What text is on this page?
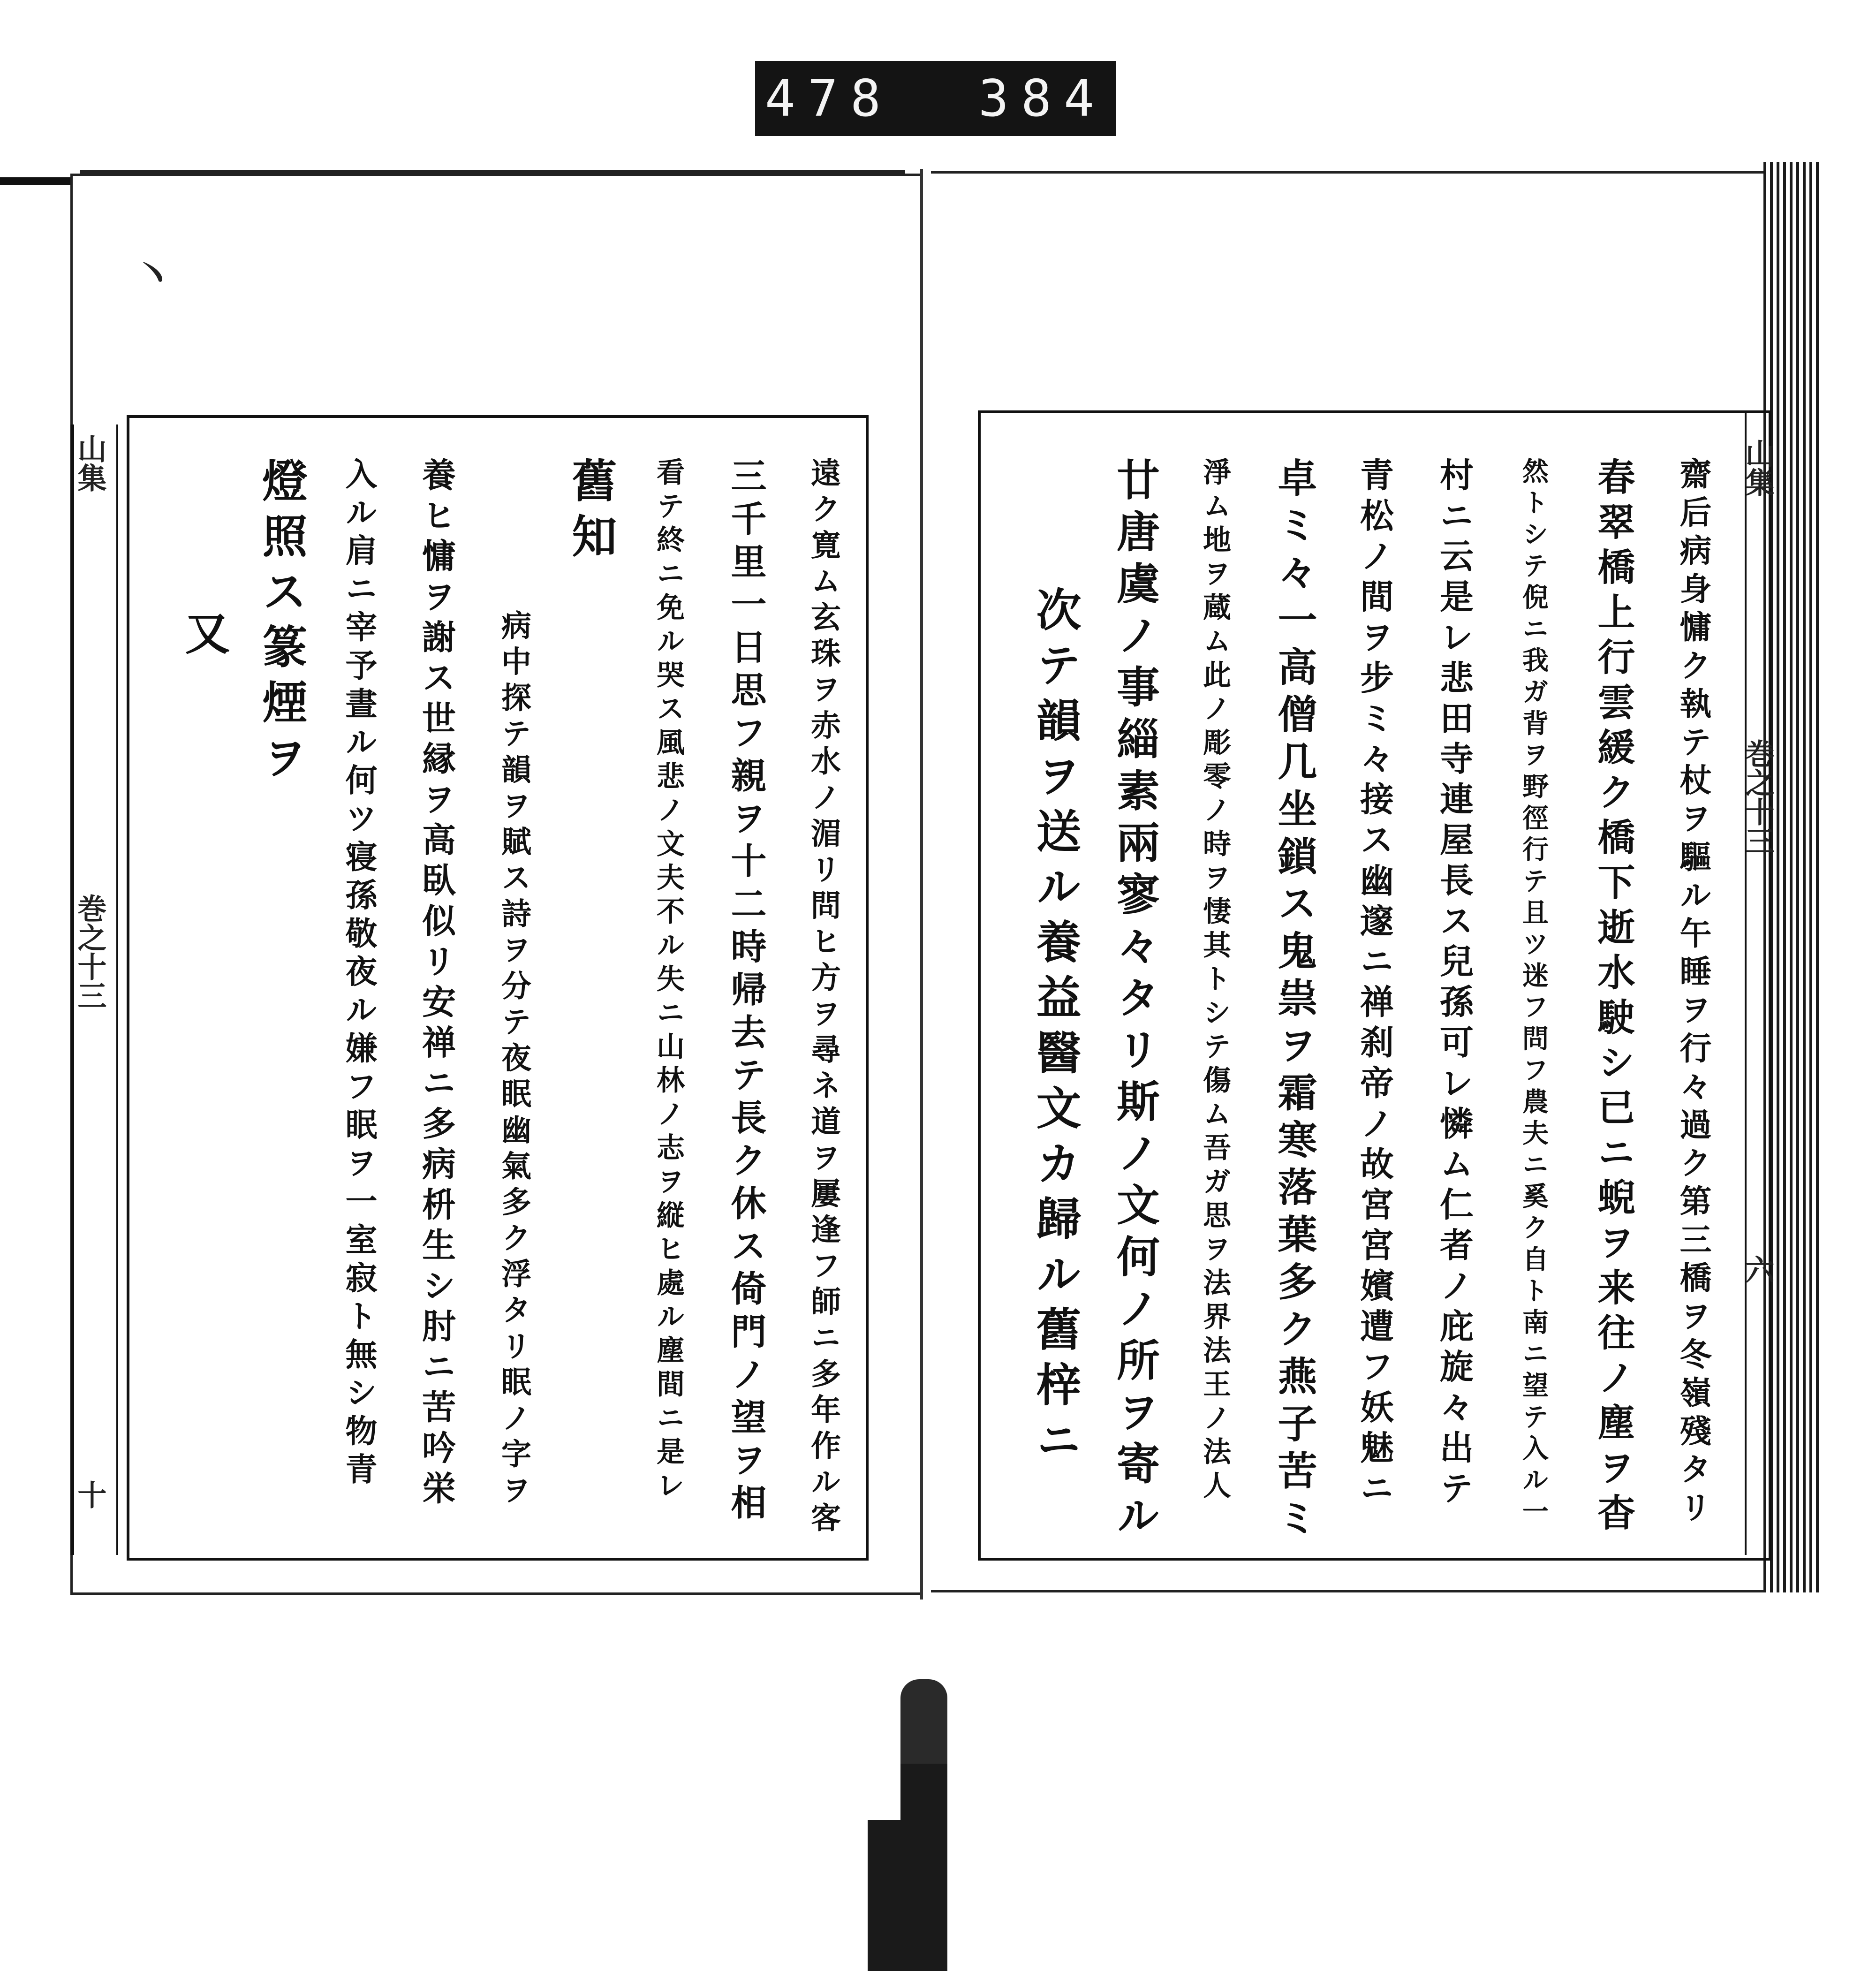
478  384
丶
山集
巻之十三
十	遠ク寛ム玄珠ヲ赤水ノ湄リ問ヒ方ヲ尋ネ道ヲ屢逢フ師ニ多年作ル客
三千里一日思フ親ヲ十二時帰去テ長ク休ス倚門ノ望ヲ相
看テ終ニ免ル哭ス風悲ノ文夫不ル失ニ山林ノ志ヲ縦ヒ處ル塵間ニ是レ
舊知
病中探テ韻ヲ賦ス詩ヲ分テ夜眠幽氣多ク浮タリ眠ノ字ヲ
養ヒ慵ヲ謝ス世縁ヲ高臥似リ安禅ニ多病枡生シ肘ニ苦吟栄
入ル肩ニ宰予晝ル何ツ寝孫敬夜ル嫌フ眠ヲ一室寂ト無シ物青
燈照ス篆煙ヲ
又
山集
巻之十三
六
齋后病身慵ク執テ杖ヲ驅ル午睡ヲ行々過ク第三橋ヲ冬嶺殘タリ
春翠橋上行雲緩ク橋下逝水駛シ已ニ蜺ヲ来往ノ塵ヲ杳
然トシテ倪ニ我ガ背ヲ野徑行テ且ツ迷フ問フ農夫ニ奚ク自ト南ニ望テ入ル一
村ニ云是レ悲田寺連屋長ス兒孫可レ憐ム仁者ノ庇旋々出テ
青松ノ間ヲ步ミ々接ス幽邃ニ禅刹帝ノ故宮宮嬪遭フ妖魅ニ
卓ミ々一高僧几坐鎖ス鬼祟ヲ霜寒落葉多ク燕子苦ミ
淨ム地ヲ蔵ム此ノ彫零ノ時ヲ悽其トシテ傷ム吾ガ思ヲ法界法王ノ法人
廿唐虞ノ事緇素兩寥々タリ斯ノ文何ノ所ヲ寄ル
次テ韻ヲ送ル養益醫文カ歸ル舊梓ニ
